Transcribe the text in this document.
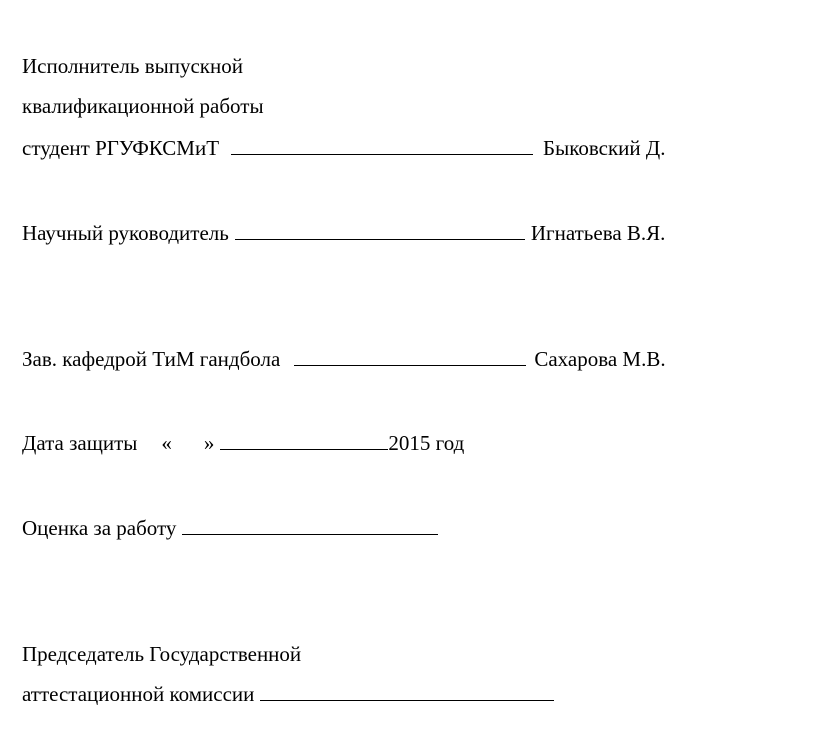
Исполнитель выпускной

квалификационной работы

студент РГУФКСМиТ	Быковский Д.

Научный руководитель	Игнатьева В.Я.

Зав. кафедрой ТиМ гандбола	Сахарова М.В.

Дата защиты « »	2015 год

Оценка за работу

Председатель Государственной

аттестационной комиссии
